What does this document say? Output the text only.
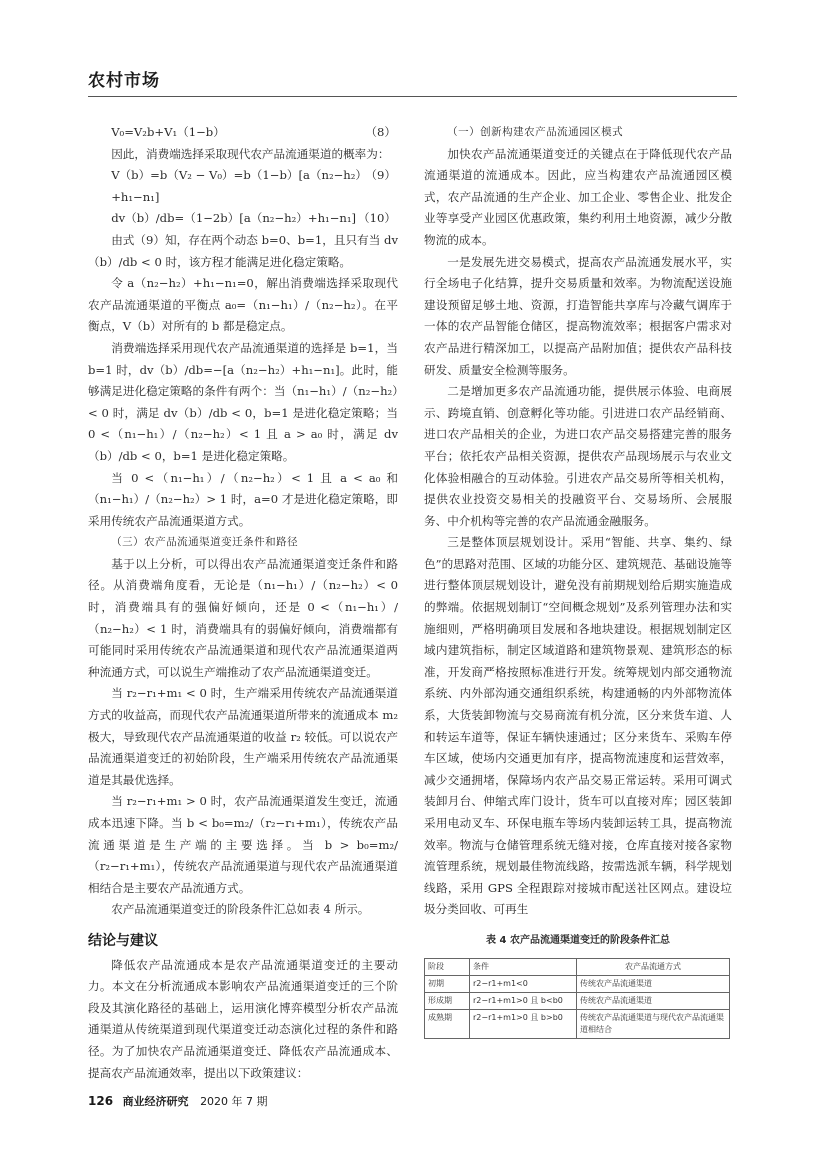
农村市场
V₀=V₂b+V₁（1−b）	（8）

因此，消费端选择采取现代农产品流通渠道的概率为：

V（b）=b（V₂ − V₀）=b（1−b）[a（n₂−h₂）+h₁−n₁]
（9）
dv（b）/db=（1−2b）[a（n₂−h₂）+h₁−n₁] （10）

由式（9）知，存在两个动态 b=0、b=1，且只有当 dv（b）/db < 0 时，该方程才能满足进化稳定策略。

令 a（n₂−h₂）+h₁−n₁=0，解出消费端选择采取现代农产品流通渠道的平衡点 a₀=（n₁−h₁）/（n₂−h₂）。在平衡点，V（b）对所有的 b 都是稳定点。

消费端选择采用现代农产品流通渠道的选择是 b=1，当 b=1 时，dv（b）/db=−[a（n₂−h₂）+h₁−n₁]。此时，能够满足进化稳定策略的条件有两个：当（n₁−h₁）/（n₂−h₂）< 0 时，满足 dv（b）/db < 0，b=1 是进化稳定策略；当 0 <（n₁−h₁）/（n₂−h₂）< 1 且 a > a₀ 时，满足 dv（b）/db < 0，b=1 是进化稳定策略。

当 0 <（n₁−h₁）/（n₂−h₂）< 1 且 a < a₀ 和（n₁−h₁）/（n₂−h₂）> 1 时，a=0 才是进化稳定策略，即采用传统农产品流通渠道方式。

（三）农产品流通渠道变迁条件和路径

基于以上分析，可以得出农产品流通渠道变迁条件和路径。从消费端角度看，无论是（n₁−h₁）/（n₂−h₂）< 0 时，消费端具有的强偏好倾向，还是 0 <（n₁−h₁）/（n₂−h₂）< 1 时，消费端具有的弱偏好倾向，消费端都有可能同时采用传统农产品流通渠道和现代农产品流通渠道两种流通方式，可以说生产端推动了农产品流通渠道变迁。

当 r₂−r₁+m₁ < 0 时，生产端采用传统农产品流通渠道方式的收益高，而现代农产品流通渠道所带来的流通成本 m₂ 极大，导致现代农产品流通渠道的收益 r₂ 较低。可以说农产品流通渠道变迁的初始阶段，生产端采用传统农产品流通渠道是其最优选择。

当 r₂−r₁+m₁ > 0 时，农产品流通渠道发生变迁，流通成本迅速下降。当 b < b₀=m₂/（r₂−r₁+m₁），传统农产品流通渠道是生产端的主要选择。当 b > b₀=m₂/（r₂−r₁+m₁），传统农产品流通渠道与现代农产品流通渠道相结合是主要农产品流通方式。

农产品流通渠道变迁的阶段条件汇总如表 4 所示。

结论与建议

降低农产品流通成本是农产品流通渠道变迁的主要动力。本文在分析流通成本影响农产品流通渠道变迁的三个阶段及其演化路径的基础上，运用演化博弈模型分析农产品流通渠道从传统渠道到现代渠道变迁动态演化过程的条件和路径。为了加快农产品流通渠道变迁、降低农产品流通成本、提高农产品流通效率，提出以下政策建议：

（一）创新构建农产品流通园区模式

加快农产品流通渠道变迁的关键点在于降低现代农产品流通渠道的流通成本。因此，应当构建农产品流通园区模式，农产品流通的生产企业、加工企业、零售企业、批发企业等享受产业园区优惠政策，集约利用土地资源，减少分散物流的成本。

一是发展先进交易模式，提高农产品流通发展水平，实行全场电子化结算，提升交易质量和效率。为物流配送设施建设预留足够土地、资源，打造智能共享库与冷藏气调库于一体的农产品智能仓储区，提高物流效率；根据客户需求对农产品进行精深加工，以提高产品附加值；提供农产品科技研发、质量安全检测等服务。

二是增加更多农产品流通功能，提供展示体验、电商展示、跨境直销、创意孵化等功能。引进进口农产品经销商、进口农产品相关的企业，为进口农产品交易搭建完善的服务平台；依托农产品相关资源，提供农产品现场展示与农业文化体验相融合的互动体验。引进农产品交易所等相关机构，提供农业投资交易相关的投融资平台、交易场所、会展服务、中介机构等完善的农产品流通金融服务。

三是整体顶层规划设计。采用“智能、共享、集约、绿色”的思路对范围、区域的功能分区、建筑规范、基础设施等进行整体顶层规划设计，避免没有前期规划给后期实施造成的弊端。依据规划制订“空间概念规划”及系列管理办法和实施细则，严格明确项目发展和各地块建设。根据规划制定区域内建筑指标，制定区域道路和建筑物景观、建筑形态的标准，开发商严格按照标准进行开发。统筹规划内部交通物流系统、内外部沟通交通组织系统，构建通畅的内外部物流体系，大货装卸物流与交易商流有机分流，区分来货车道、人和转运车道等，保证车辆快速通过；区分来货车、采购车停车区域，使场内交通更加有序，提高物流速度和运营效率，减少交通拥堵，保障场内农产品交易正常运转。采用可调式装卸月台、伸缩式库门设计，货车可以直接对库；园区装卸采用电动叉车、环保电瓶车等场内装卸运转工具，提高物流效率。物流与仓储管理系统无缝对接，仓库直接对接各家物流管理系统，规划最佳物流线路，按需选派车辆，科学规划线路，采用 GPS 全程跟踪对接城市配送社区网点。建设垃圾分类回收、可再生

表 4 农产品流通渠道变迁的阶段条件汇总
阶段	条件	农产品流通方式
初期	r2−r1+m1<0	传统农产品流通渠道
形成期	r2−r1+m1>0 且 b<b0	传统农产品流通渠道
成熟期	r2−r1+m1>0 且 b>b0	传统农产品流通渠道与现代农产品流通渠道相结合
126 商业经济研究 2020 年 7 期
